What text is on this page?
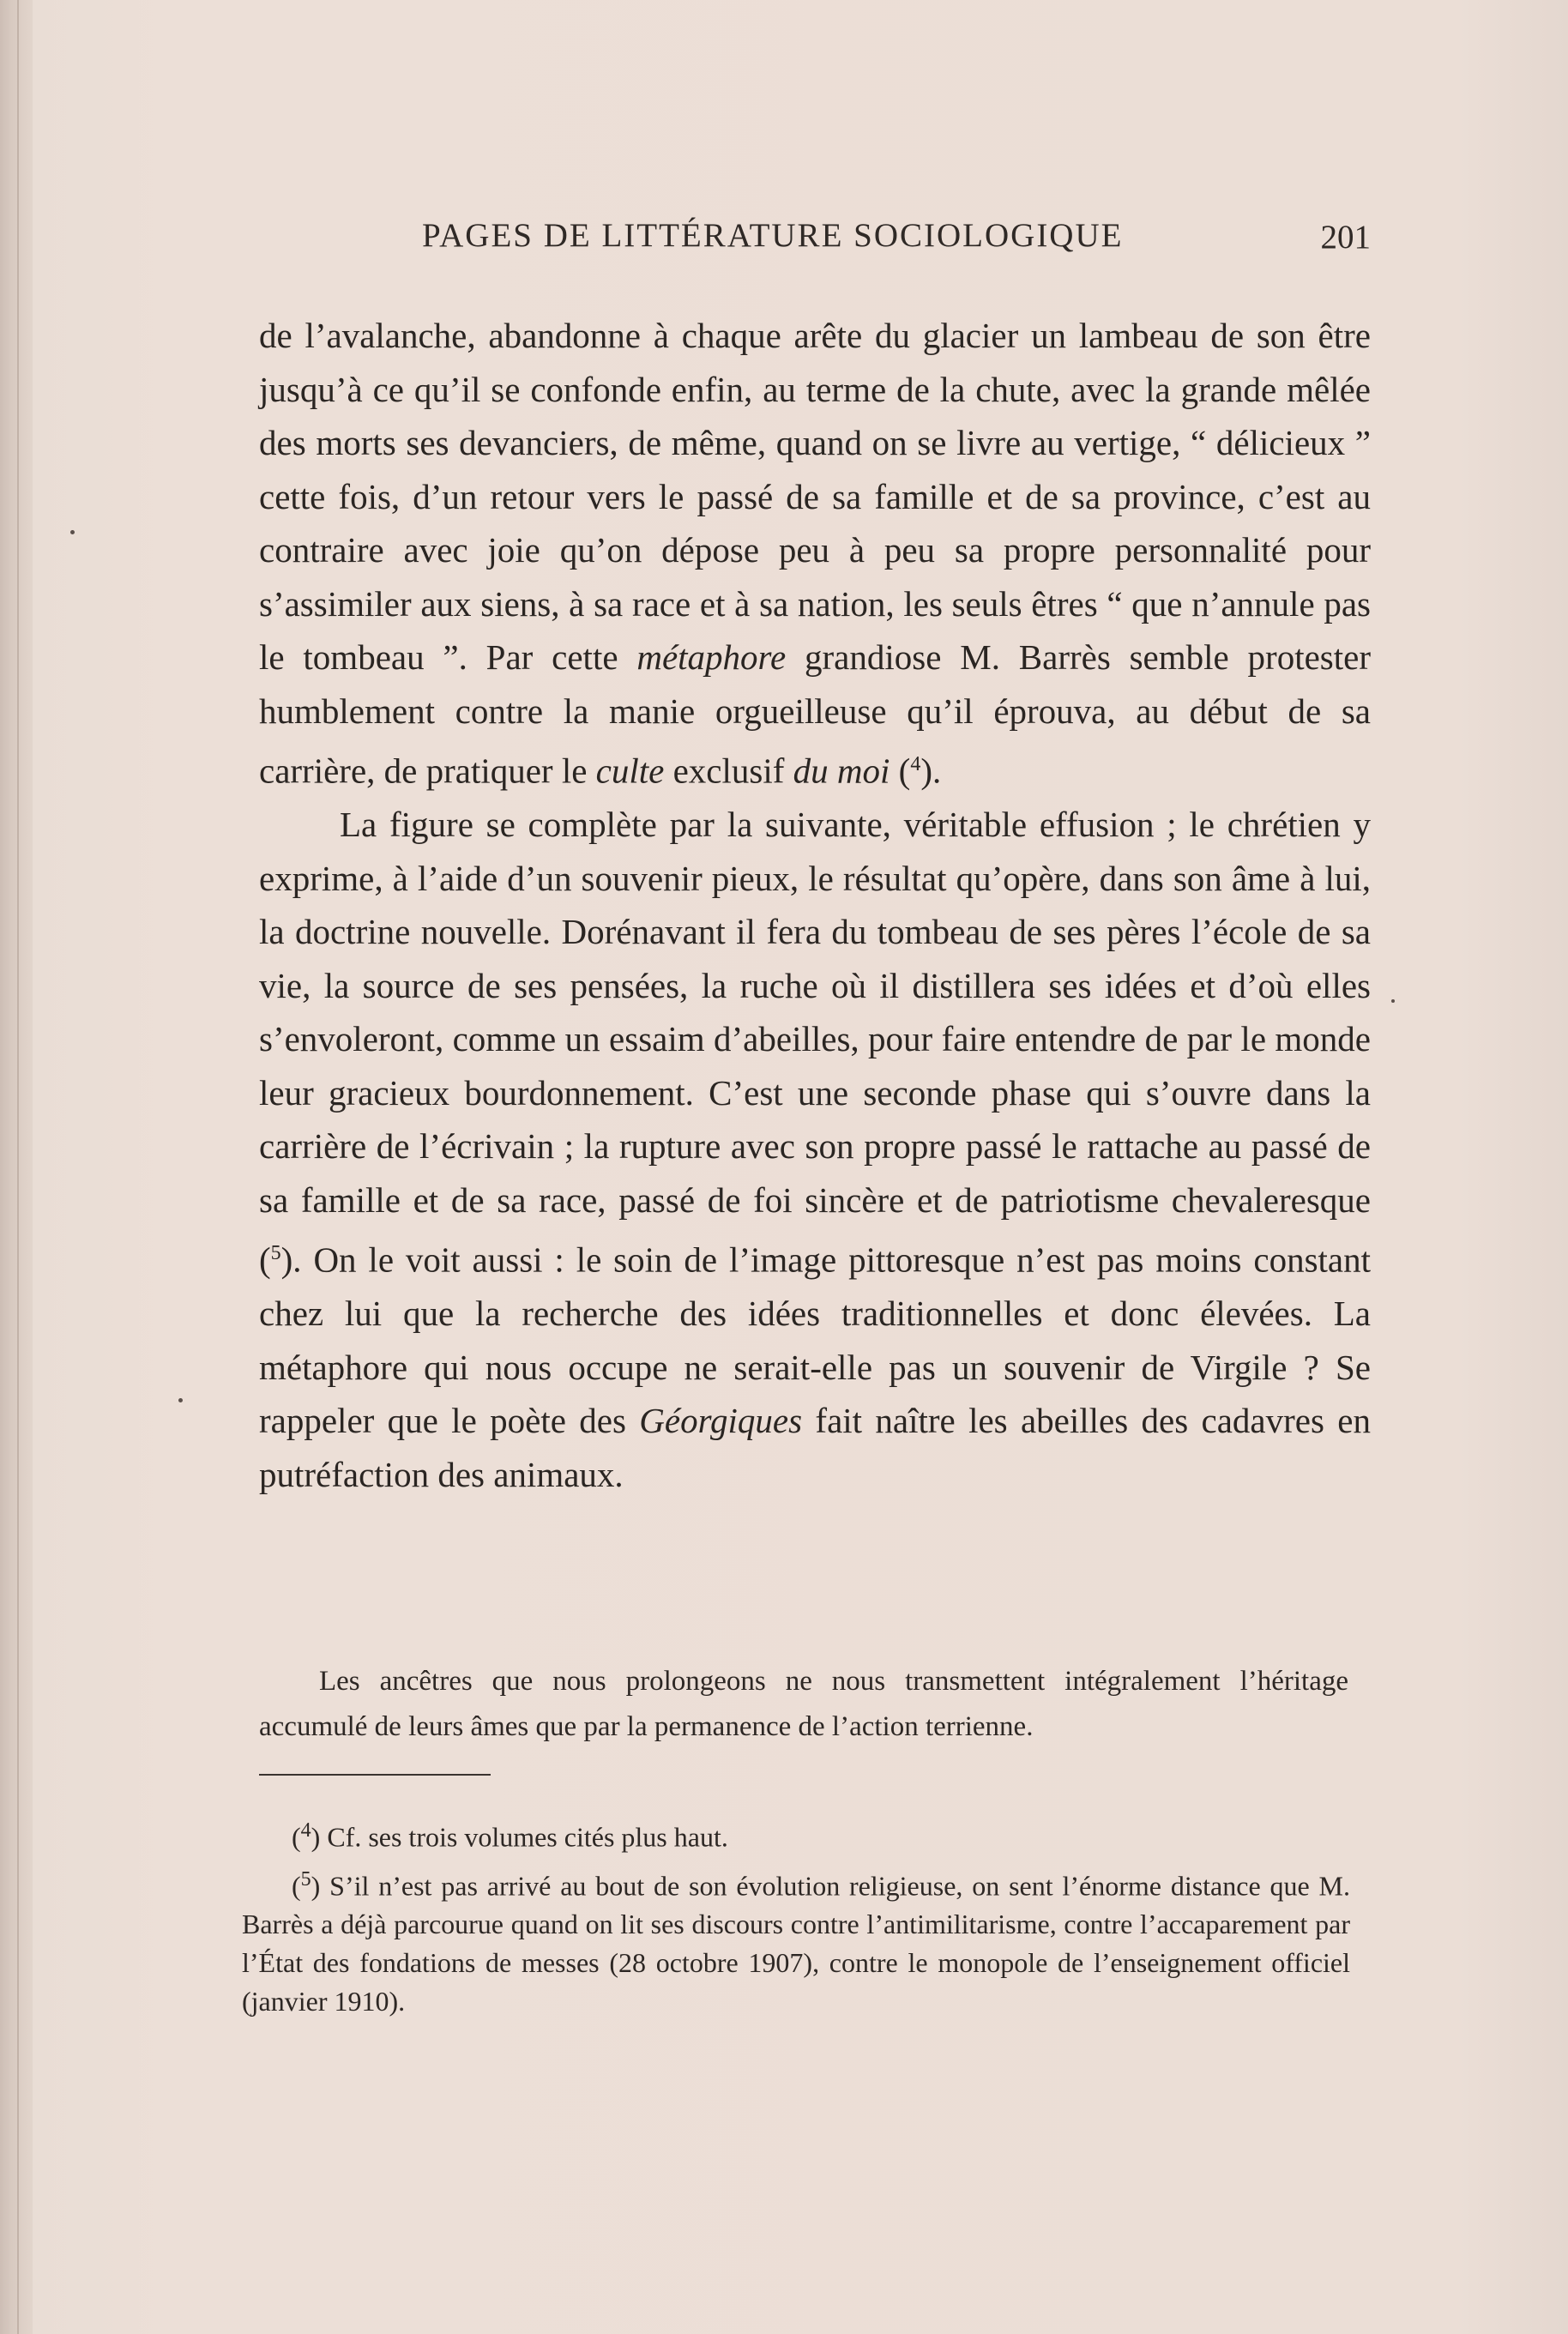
PAGES DE LITTÉRATURE SOCIOLOGIQUE	201

de l’avalanche, abandonne à chaque arête du glacier un lambeau de son être jusqu’à ce qu’il se confonde enfin, au terme de la chute, avec la grande mêlée des morts ses devanciers, de même, quand on se livre au vertige, “ délicieux ” cette fois, d’un retour vers le passé de sa famille et de sa province, c’est au contraire avec joie qu’on dépose peu à peu sa propre personnalité pour s’assimiler aux siens, à sa race et à sa nation, les seuls êtres “ que n’annule pas le tombeau ”. Par cette métaphore grandiose M. Barrès semble protester humblement contre la manie orgueilleuse qu’il éprouva, au début de sa carrière, de pratiquer le culte exclusif du moi ($^4$).

La figure se complète par la suivante, véritable effusion ; le chrétien y exprime, à l’aide d’un souvenir pieux, le résultat qu’opère, dans son âme à lui, la doctrine nouvelle. Dorénavant il fera du tombeau de ses pères l’école de sa vie, la source de ses pensées, la ruche où il distillera ses idées et d’où elles s’envoleront, comme un essaim d’abeilles, pour faire entendre de par le monde leur gracieux bourdonnement. C’est une seconde phase qui s’ouvre dans la carrière de l’écrivain ; la rupture avec son propre passé le rattache au passé de sa famille et de sa race, passé de foi sincère et de patriotisme chevaleresque ($^5$). On le voit aussi : le soin de l’image pittoresque n’est pas moins constant chez lui que la recherche des idées traditionnelles et donc élevées. La métaphore qui nous occupe ne serait-elle pas un souvenir de Virgile ? Se rappeler que le poète des Géorgiques fait naître les abeilles des cadavres en putréfaction des animaux.

Les ancêtres que nous prolongeons ne nous transmettent intégralement l’héritage accumulé de leurs âmes que par la permanence de l’action terrienne.

($^4$) Cf. ses trois volumes cités plus haut.

($^5$) S’il n’est pas arrivé au bout de son évolution religieuse, on sent l’énorme distance que M. Barrès a déjà parcourue quand on lit ses discours contre l’antimilitarisme, contre l’accaparement par l’État des fondations de messes (28 octobre 1907), contre le monopole de l’enseignement officiel (janvier 1910).
